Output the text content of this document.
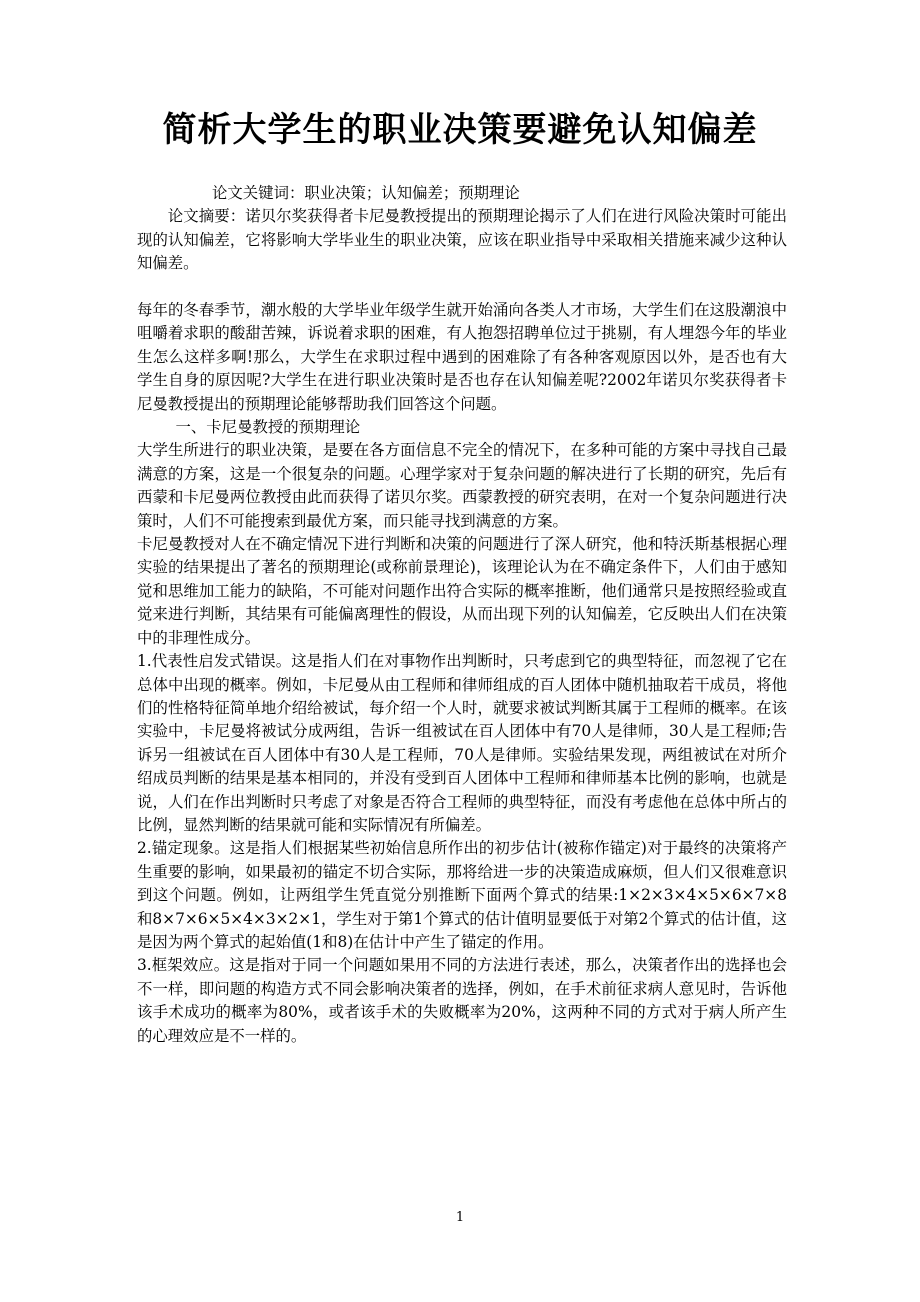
简析大学生的职业决策要避免认知偏差

论文关键词：职业决策；认知偏差；预期理论

论文摘要：诺贝尔奖获得者卡尼曼教授提出的预期理论揭示了人们在进行风险决策时可能出现的认知偏差，它将影响大学毕业生的职业决策，应该在职业指导中采取相关措施来减少这种认知偏差。

每年的冬春季节，潮水般的大学毕业年级学生就开始涌向各类人才市场，大学生们在这股潮浪中咀嚼着求职的酸甜苦辣，诉说着求职的困难，有人抱怨招聘单位过于挑剔，有人埋怨今年的毕业生怎么这样多啊!那么，大学生在求职过程中遇到的困难除了有各种客观原因以外，是否也有大学生自身的原因呢?大学生在进行职业决策时是否也存在认知偏差呢?2002年诺贝尔奖获得者卡尼曼教授提出的预期理论能够帮助我们回答这个问题。

一、卡尼曼教授的预期理论

大学生所进行的职业决策，是要在各方面信息不完全的情况下，在多种可能的方案中寻找自己最满意的方案，这是一个很复杂的问题。心理学家对于复杂问题的解决进行了长期的研究，先后有西蒙和卡尼曼两位教授由此而获得了诺贝尔奖。西蒙教授的研究表明，在对一个复杂问题进行决策时，人们不可能搜索到最优方案，而只能寻找到满意的方案。

卡尼曼教授对人在不确定情况下进行判断和决策的问题进行了深人研究，他和特沃斯基根据心理实验的结果提出了著名的预期理论(或称前景理论)，该理论认为在不确定条件下，人们由于感知觉和思维加工能力的缺陷，不可能对问题作出符合实际的概率推断，他们通常只是按照经验或直觉来进行判断，其结果有可能偏离理性的假设，从而出现下列的认知偏差，它反映出人们在决策中的非理性成分。

1.代表性启发式错误。这是指人们在对事物作出判断时，只考虑到它的典型特征，而忽视了它在总体中出现的概率。例如，卡尼曼从由工程师和律师组成的百人团体中随机抽取若干成员，将他们的性格特征简单地介绍给被试，每介绍一个人时，就要求被试判断其属于工程师的概率。在该实验中，卡尼曼将被试分成两组，告诉一组被试在百人团体中有70人是律师，30人是工程师;告诉另一组被试在百人团体中有30人是工程师，70人是律师。实验结果发现，两组被试在对所介绍成员判断的结果是基本相同的，并没有受到百人团体中工程师和律师基本比例的影响，也就是说，人们在作出判断时只考虑了对象是否符合工程师的典型特征，而没有考虑他在总体中所占的比例，显然判断的结果就可能和实际情况有所偏差。

2.锚定现象。这是指人们根据某些初始信息所作出的初步估计(被称作锚定)对于最终的决策将产生重要的影响，如果最初的锚定不切合实际，那将给进一步的决策造成麻烦，但人们又很难意识到这个问题。例如，让两组学生凭直觉分别推断下面两个算式的结果:1×2×3×4×5×6×7×8和8×7×6×5×4×3×2×1，学生对于第1个算式的估计值明显要低于对第2个算式的估计值，这是因为两个算式的起始值(1和8)在估计中产生了锚定的作用。

3.框架效应。这是指对于同一个问题如果用不同的方法进行表述，那么，决策者作出的选择也会不一样，即问题的构造方式不同会影响决策者的选择，例如，在手术前征求病人意见时，告诉他该手术成功的概率为80%，或者该手术的失败概率为20%，这两种不同的方式对于病人所产生的心理效应是不一样的。

1
